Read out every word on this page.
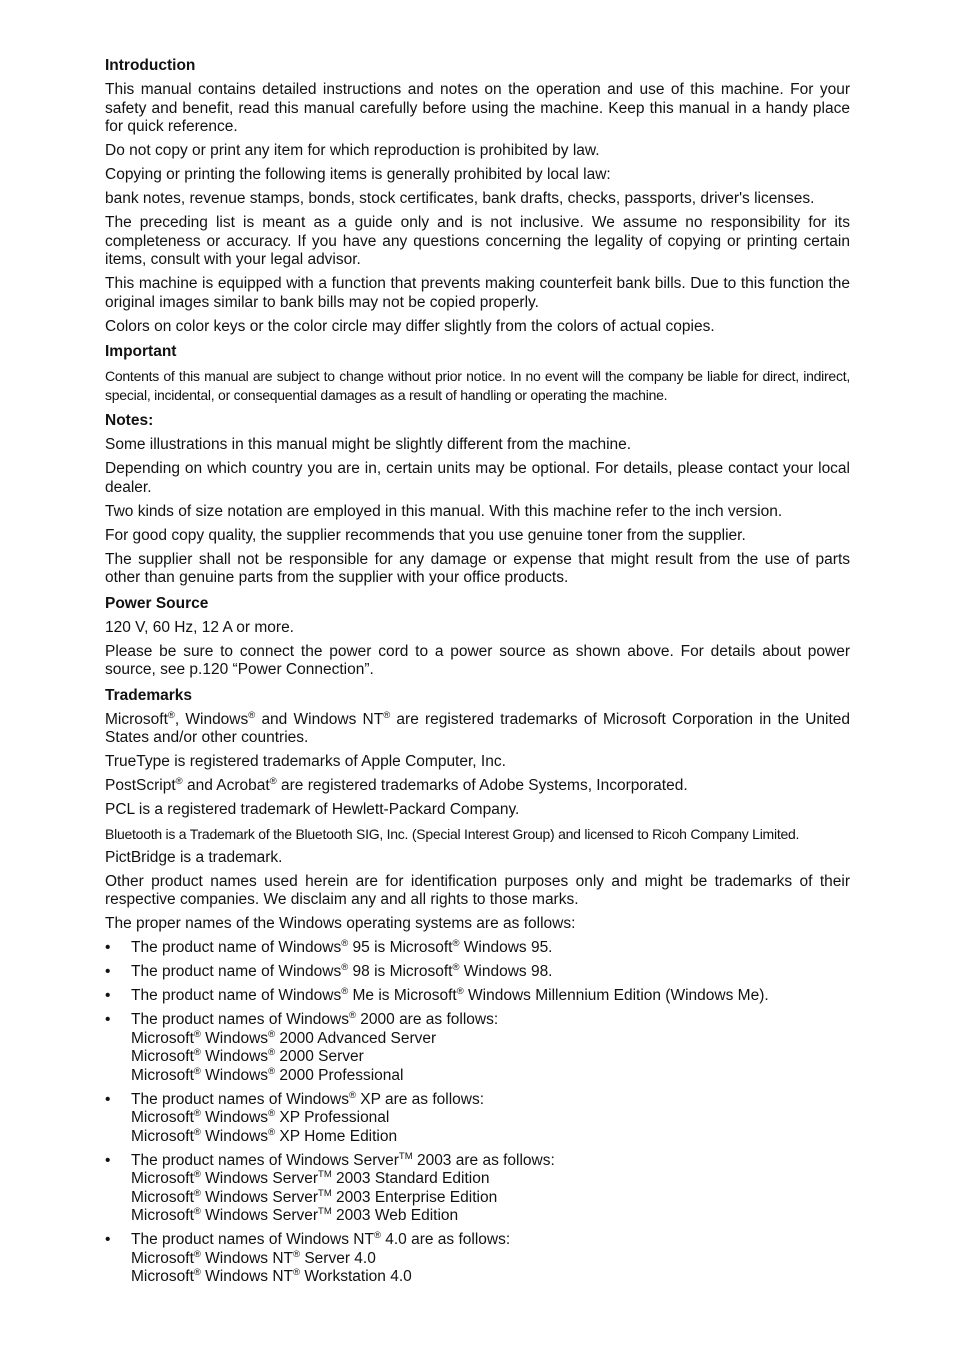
Introduction

This manual contains detailed instructions and notes on the operation and use of this machine. For your safety and benefit, read this manual carefully before using the machine. Keep this manual in a handy place for quick reference.

Do not copy or print any item for which reproduction is prohibited by law.

Copying or printing the following items is generally prohibited by local law:

bank notes, revenue stamps, bonds, stock certificates, bank drafts, checks, passports, driver's licenses.

The preceding list is meant as a guide only and is not inclusive. We assume no responsibility for its completeness or accuracy. If you have any questions concerning the legality of copying or printing certain items, consult with your legal advisor.

This machine is equipped with a function that prevents making counterfeit bank bills. Due to this function the original images similar to bank bills may not be copied properly.

Colors on color keys or the color circle may differ slightly from the colors of actual copies.

Important

Contents of this manual are subject to change without prior notice. In no event will the company be liable for direct, indirect, special, incidental, or consequential damages as a result of handling or operating the machine.

Notes:

Some illustrations in this manual might be slightly different from the machine.

Depending on which country you are in, certain units may be optional. For details, please contact your local dealer.

Two kinds of size notation are employed in this manual. With this machine refer to the inch version.

For good copy quality, the supplier recommends that you use genuine toner from the supplier.

The supplier shall not be responsible for any damage or expense that might result from the use of parts other than genuine parts from the supplier with your office products.

Power Source

120 V, 60 Hz, 12 A or more.

Please be sure to connect the power cord to a power source as shown above. For details about power source, see p.120 “Power Connection”.

Trademarks

Microsoft®, Windows® and Windows NT® are registered trademarks of Microsoft Corporation in the United States and/or other countries.

TrueType is registered trademarks of Apple Computer, Inc.

PostScript® and Acrobat® are registered trademarks of Adobe Systems, Incorporated.

PCL is a registered trademark of Hewlett-Packard Company.

Bluetooth is a Trademark of the Bluetooth SIG, Inc. (Special Interest Group) and licensed to Ricoh Company Limited.

PictBridge is a trademark.

Other product names used herein are for identification purposes only and might be trademarks of their respective companies. We disclaim any and all rights to those marks.

The proper names of the Windows operating systems are as follows:

• The product name of Windows® 95 is Microsoft® Windows 95.
• The product name of Windows® 98 is Microsoft® Windows 98.
• The product name of Windows® Me is Microsoft® Windows Millennium Edition (Windows Me).
• The product names of Windows® 2000 are as follows:
Microsoft® Windows® 2000 Advanced Server
Microsoft® Windows® 2000 Server
Microsoft® Windows® 2000 Professional
• The product names of Windows® XP are as follows:
Microsoft® Windows® XP Professional
Microsoft® Windows® XP Home Edition
• The product names of Windows Server™ 2003 are as follows:
Microsoft® Windows Server™ 2003 Standard Edition
Microsoft® Windows Server™ 2003 Enterprise Edition
Microsoft® Windows Server™ 2003 Web Edition
• The product names of Windows NT® 4.0 are as follows:
Microsoft® Windows NT® Server 4.0
Microsoft® Windows NT® Workstation 4.0
